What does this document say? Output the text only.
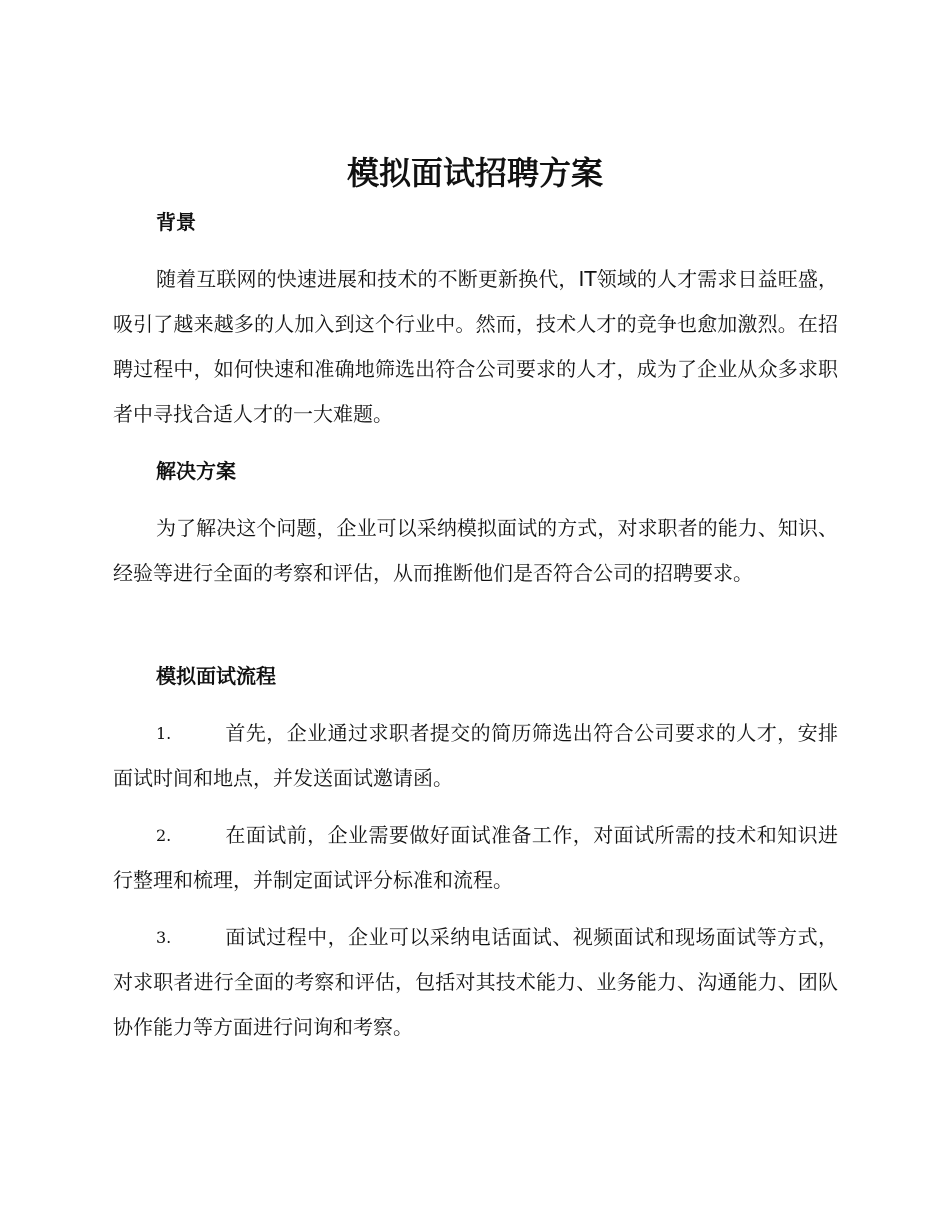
模拟面试招聘方案
背景

随着互联网的快速进展和技术的不断更新换代，IT领域的人才需求日益旺盛，吸引了越来越多的人加入到这个行业中。然而，技术人才的竞争也愈加激烈。在招聘过程中，如何快速和准确地筛选出符合公司要求的人才，成为了企业从众多求职者中寻找合适人才的一大难题。

解决方案

为了解决这个问题，企业可以采纳模拟面试的方式，对求职者的能力、知识、经验等进行全面的考察和评估，从而推断他们是否符合公司的招聘要求。

模拟面试流程
1.	首先，企业通过求职者提交的简历筛选出符合公司要求的人才，安排面试时间和地点，并发送面试邀请函。
2.	在面试前，企业需要做好面试准备工作，对面试所需的技术和知识进行整理和梳理，并制定面试评分标准和流程。
3.	面试过程中，企业可以采纳电话面试、视频面试和现场面试等方式，对求职者进行全面的考察和评估，包括对其技术能力、业务能力、沟通能力、团队协作能力等方面进行问询和考察。
